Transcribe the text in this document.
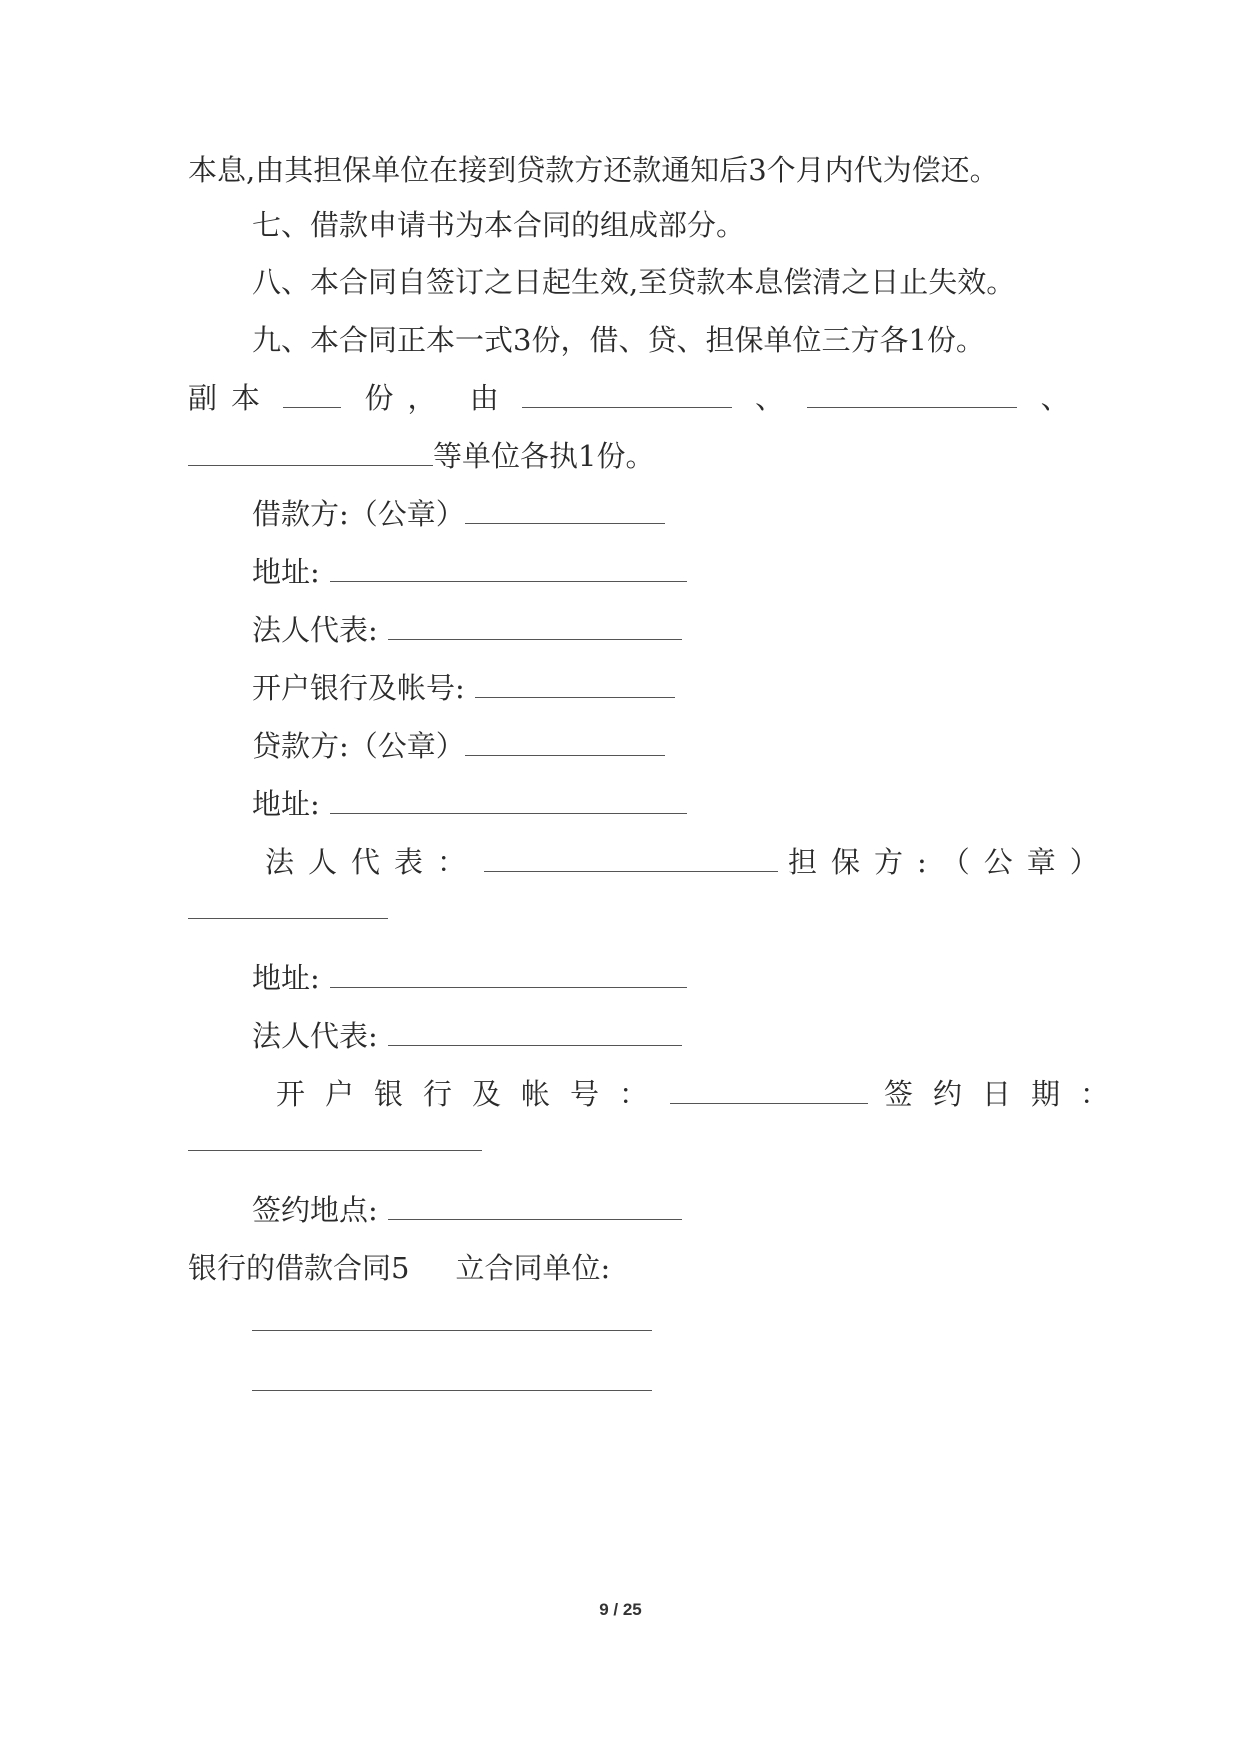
本息,由其担保单位在接到贷款方还款通知后3个月内代为偿还。
七、借款申请书为本合同的组成部分。
八、本合同自签订之日起生效,至贷款本息偿清之日止失效。
九、本合同正本一式3份，借、贷、担保单位三方各1份。
副本	份， 由	、	、
等单位各执1份。
借款方:（公章）
地址:
法人代表:
开户银行及帐号:
贷款方:（公章）
地址:
法人代表：	担保方:（公章）
地址:
法人代表:
开户银行及帐号：	签约日期：
签约地点:
银行的借款合同5 立合同单位:
9 / 25
